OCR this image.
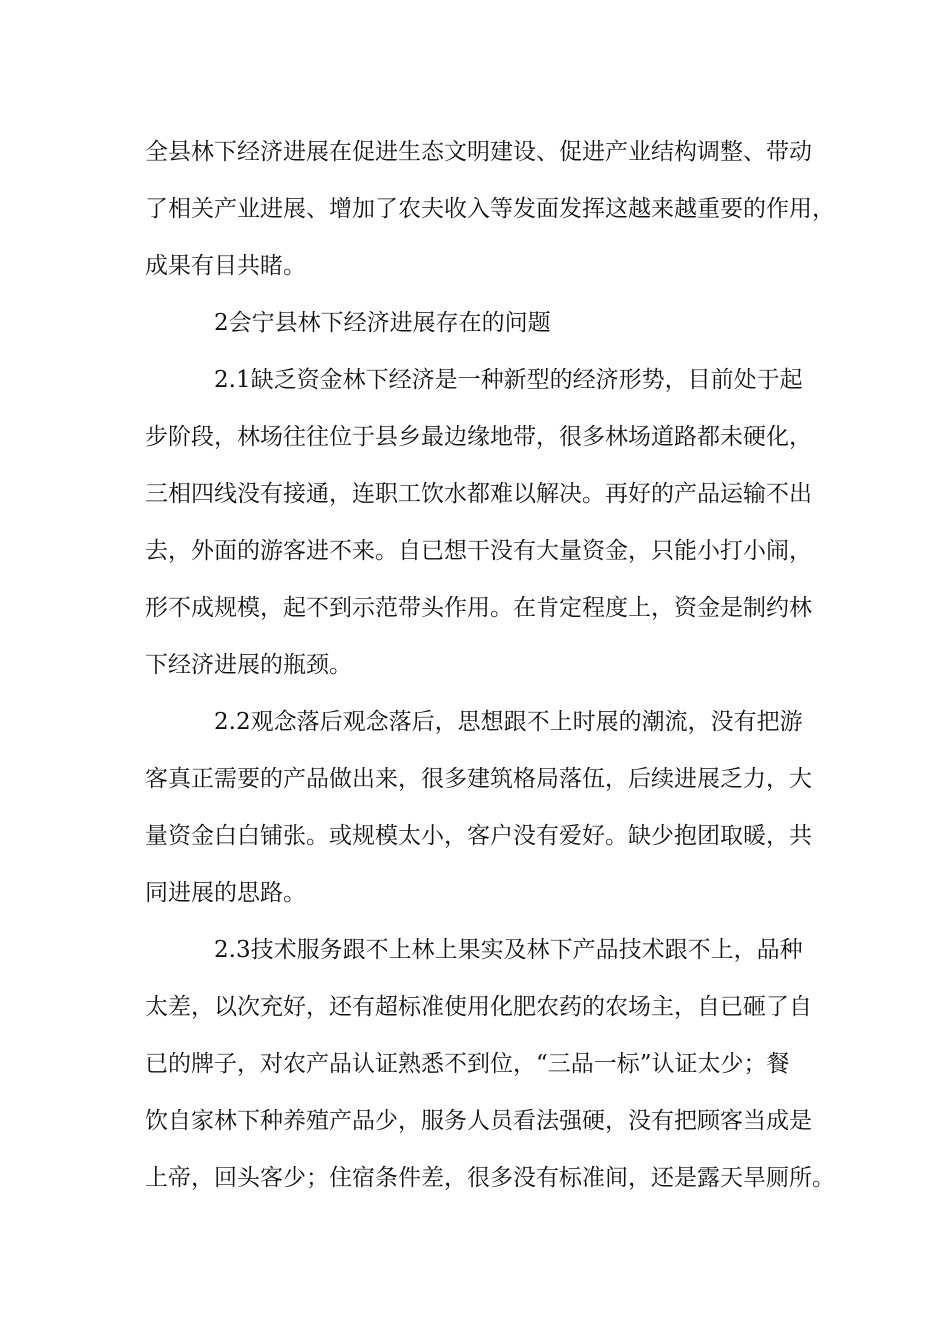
全县林下经济进展在促进生态文明建设、促进产业结构调整、带动
了相关产业进展、增加了农夫收入等发面发挥这越来越重要的作用，
成果有目共睹。
2会宁县林下经济进展存在的问题
2.1缺乏资金林下经济是一种新型的经济形势，目前处于起
步阶段，林场往往位于县乡最边缘地带，很多林场道路都未硬化，
三相四线没有接通，连职工饮水都难以解决。再好的产品运输不出
去，外面的游客进不来。自已想干没有大量资金，只能小打小闹，
形不成规模，起不到示范带头作用。在肯定程度上，资金是制约林
下经济进展的瓶颈。
2.2观念落后观念落后，思想跟不上时展的潮流，没有把游
客真正需要的产品做出来，很多建筑格局落伍，后续进展乏力，大
量资金白白铺张。或规模太小，客户没有爱好。缺少抱团取暖，共
同进展的思路。
2.3技术服务跟不上林上果实及林下产品技术跟不上，品种
太差，以次充好，还有超标准使用化肥农药的农场主，自已砸了自
已的牌子，对农产品认证熟悉不到位，“三品一标”认证太少；餐
饮自家林下种养殖产品少，服务人员看法强硬，没有把顾客当成是
上帝，回头客少；住宿条件差，很多没有标准间，还是露天旱厕所。
